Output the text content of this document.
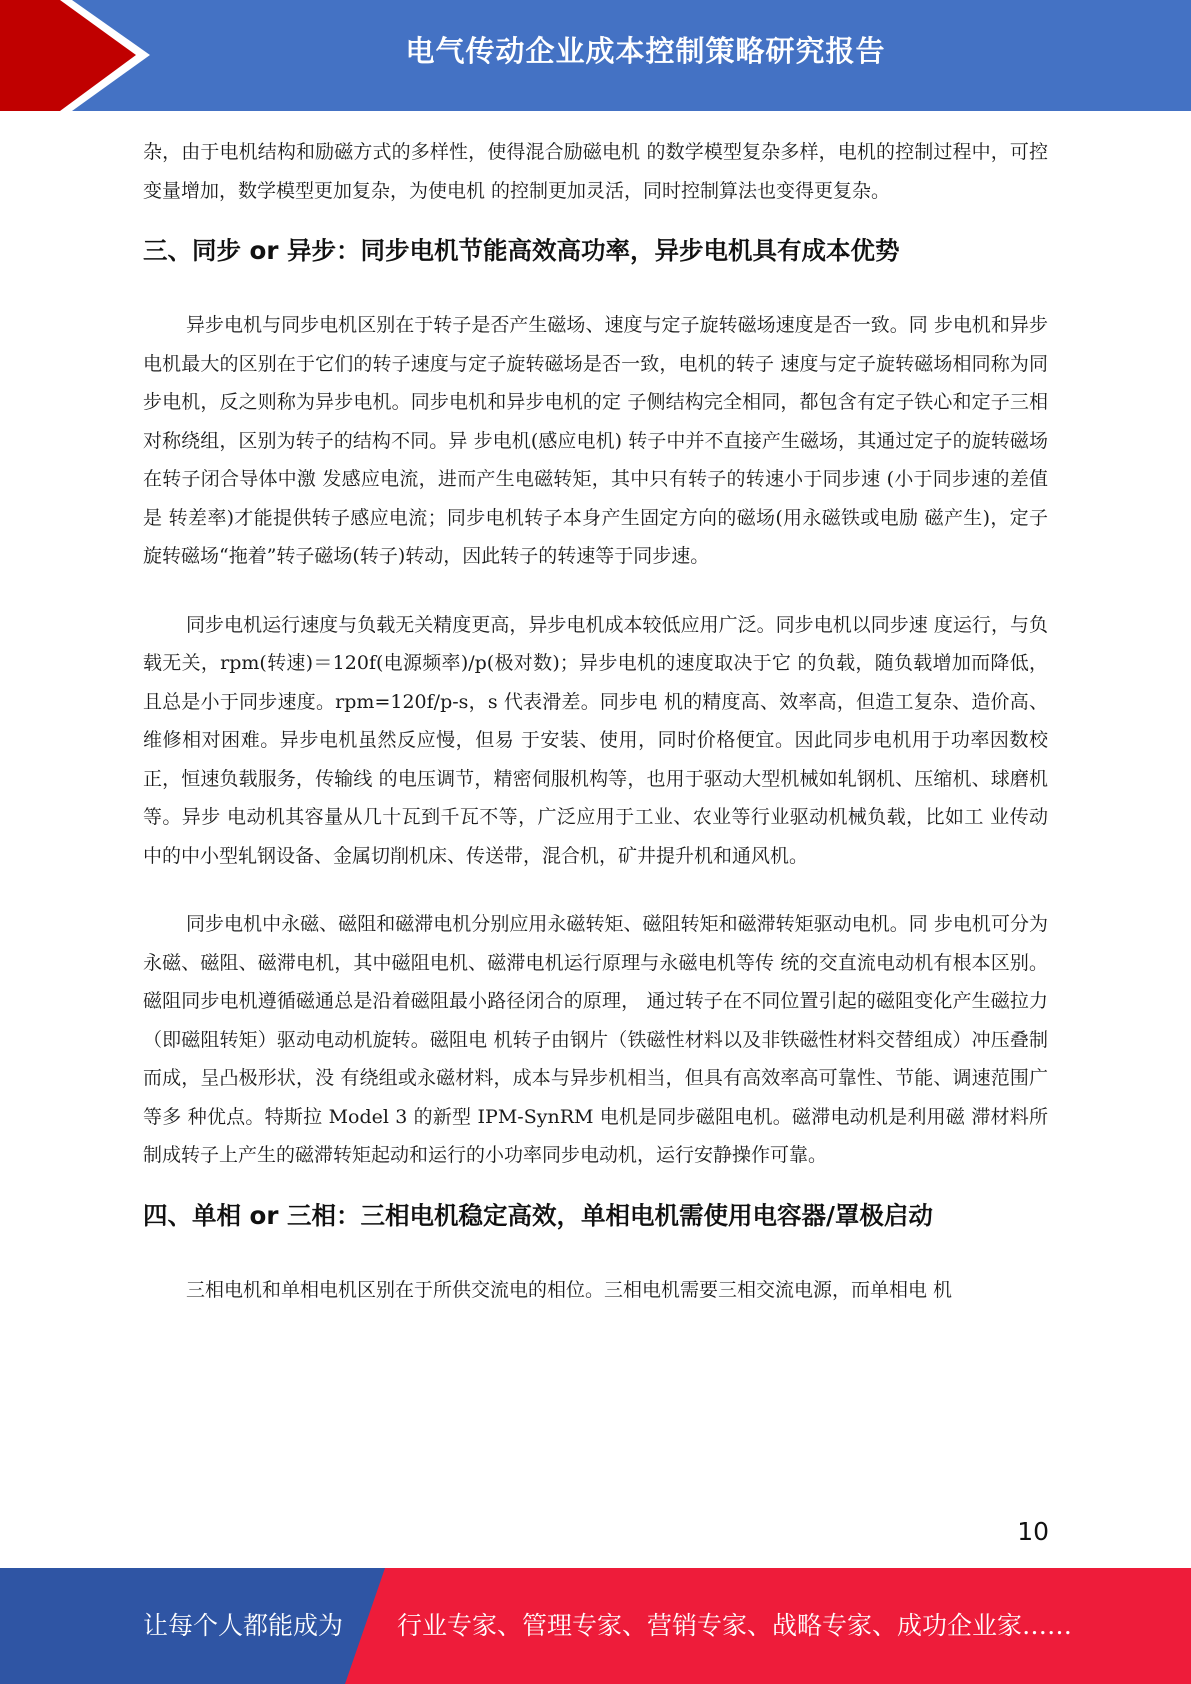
电气传动企业成本控制策略研究报告

杂，由于电机结构和励磁方式的多样性，使得混合励磁电机 的数学模型复杂多样，电机的控制过程中，可控变量增加，数学模型更加复杂，为使电机 的控制更加灵活，同时控制算法也变得更复杂。

三、同步 or 异步：同步电机节能高效高功率，异步电机具有成本优势

异步电机与同步电机区别在于转子是否产生磁场、速度与定子旋转磁场速度是否一致。同 步电机和异步电机最大的区别在于它们的转子速度与定子旋转磁场是否一致，电机的转子 速度与定子旋转磁场相同称为同步电机，反之则称为异步电机。同步电机和异步电机的定 子侧结构完全相同，都包含有定子铁心和定子三相对称绕组，区别为转子的结构不同。异 步电机(感应电机) 转子中并不直接产生磁场，其通过定子的旋转磁场在转子闭合导体中激 发感应电流，进而产生电磁转矩，其中只有转子的转速小于同步速 (小于同步速的差值是 转差率)才能提供转子感应电流；同步电机转子本身产生固定方向的磁场(用永磁铁或电励 磁产生)，定子旋转磁场“拖着”转子磁场(转子)转动，因此转子的转速等于同步速。

同步电机运行速度与负载无关精度更高，异步电机成本较低应用广泛。同步电机以同步速 度运行，与负载无关，rpm(转速)＝120f(电源频率)/p(极对数)；异步电机的速度取决于它 的负载，随负载增加而降低，且总是小于同步速度。rpm=120f/p-s，s 代表滑差。同步电 机的精度高、效率高，但造工复杂、造价高、维修相对困难。异步电机虽然反应慢，但易 于安装、使用，同时价格便宜。因此同步电机用于功率因数校正，恒速负载服务，传输线 的电压调节，精密伺服机构等，也用于驱动大型机械如轧钢机、压缩机、球磨机等。异步 电动机其容量从几十瓦到千瓦不等，广泛应用于工业、农业等行业驱动机械负载，比如工 业传动中的中小型轧钢设备、金属切削机床、传送带，混合机，矿井提升机和通风机。

同步电机中永磁、磁阻和磁滞电机分别应用永磁转矩、磁阻转矩和磁滞转矩驱动电机。同 步电机可分为永磁、磁阻、磁滞电机，其中磁阻电机、磁滞电机运行原理与永磁电机等传 统的交直流电动机有根本区别。磁阻同步电机遵循磁通总是沿着磁阻最小路径闭合的原理， 通过转子在不同位置引起的磁阻变化产生磁拉力（即磁阻转矩）驱动电动机旋转。磁阻电 机转子由钢片（铁磁性材料以及非铁磁性材料交替组成）冲压叠制而成，呈凸极形状，没 有绕组或永磁材料，成本与异步机相当，但具有高效率高可靠性、节能、调速范围广等多 种优点。特斯拉 Model 3 的新型 IPM-SynRM 电机是同步磁阻电机。磁滞电动机是利用磁 滞材料所制成转子上产生的磁滞转矩起动和运行的小功率同步电动机，运行安静操作可靠。

四、单相 or 三相：三相电机稳定高效，单相电机需使用电容器/罩极启动

三相电机和单相电机区别在于所供交流电的相位。三相电机需要三相交流电源，而单相电 机

10
让每个人都能成为 行业专家、管理专家、营销专家、战略专家、成功企业家……
